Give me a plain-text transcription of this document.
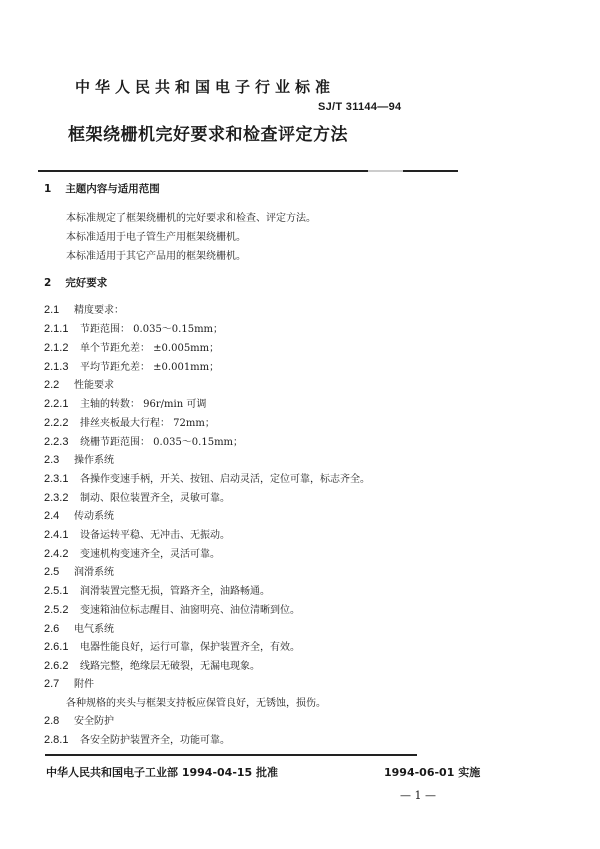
中华人民共和国电子行业标准
SJ/T 31144—94
框架绕栅机完好要求和检查评定方法
1 主题内容与适用范围
本标准规定了框架绕栅机的完好要求和检查、评定方法。
本标准适用于电子管生产用框架绕栅机。
本标准适用于其它产品用的框架绕栅机。
2 完好要求
2.1 精度要求：
2.1.1 节距范围： 0.035～0.15mm；
2.1.2 单个节距允差： ±0.005mm；
2.1.3 平均节距允差： ±0.001mm；
2.2 性能要求
2.2.1 主轴的转数： 96r/min 可调
2.2.2 排丝夹板最大行程： 72mm；
2.2.3 绕栅节距范围： 0.035～0.15mm；
2.3 操作系统
2.3.1 各操作变速手柄，开关、按钮、启动灵活，定位可靠，标志齐全。
2.3.2 制动、限位装置齐全，灵敏可靠。
2.4 传动系统
2.4.1 设备运转平稳、无冲击、无振动。
2.4.2 变速机构变速齐全，灵活可靠。
2.5 润滑系统
2.5.1 润滑装置完整无损，管路齐全，油路畅通。
2.5.2 变速箱油位标志醒目、油窗明亮、油位清晰到位。
2.6 电气系统
2.6.1 电器性能良好，运行可靠，保护装置齐全，有效。
2.6.2 线路完整，绝缘层无破裂，无漏电现象。
2.7 附件
各种规格的夹头与框架支持板应保管良好，无锈蚀，损伤。
2.8 安全防护
2.8.1 各安全防护装置齐全，功能可靠。
中华人民共和国电子工业部 1994-04-15 批准	1994-06-01 实施
— 1 —
